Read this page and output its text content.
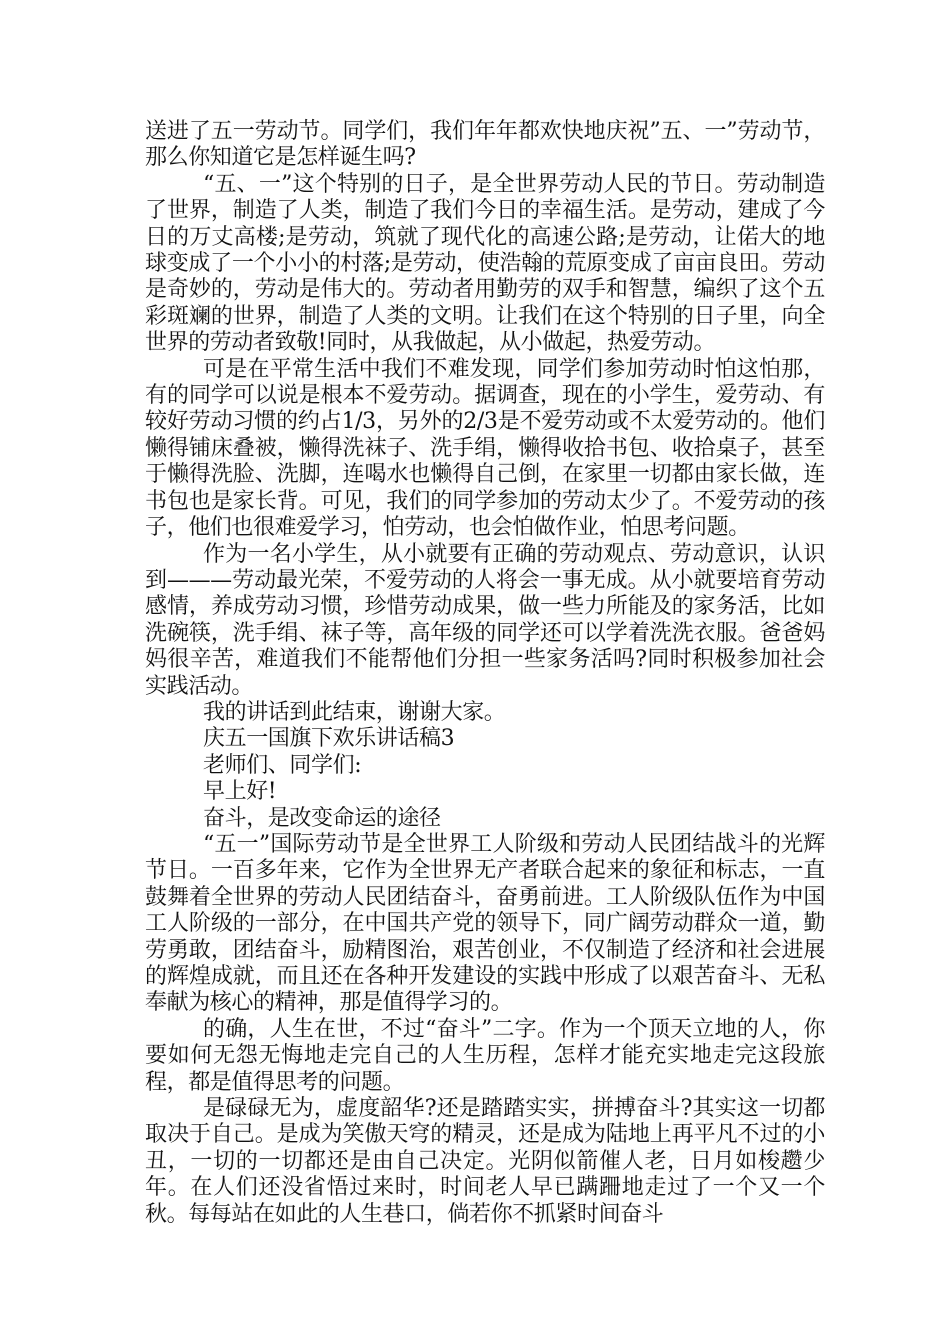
送进了五一劳动节。同学们，我们年年都欢快地庆祝”五、一”劳动节，那么你知道它是怎样诞生吗?

“五、一”这个特别的日子，是全世界劳动人民的节日。劳动制造了世界，制造了人类，制造了我们今日的幸福生活。是劳动，建成了今日的万丈高楼;是劳动，筑就了现代化的高速公路;是劳动，让偌大的地球变成了一个小小的村落;是劳动，使浩翰的荒原变成了亩亩良田。劳动是奇妙的，劳动是伟大的。劳动者用勤劳的双手和智慧，编织了这个五彩斑斓的世界，制造了人类的文明。让我们在这个特别的日子里，向全世界的劳动者致敬!同时，从我做起，从小做起，热爱劳动。

可是在平常生活中我们不难发现，同学们参加劳动时怕这怕那，有的同学可以说是根本不爱劳动。据调查，现在的小学生，爱劳动、有较好劳动习惯的约占1/3，另外的2/3是不爱劳动或不太爱劳动的。他们懒得铺床叠被，懒得洗袜子、洗手绢，懒得收拾书包、收拾桌子，甚至于懒得洗脸、洗脚，连喝水也懒得自己倒，在家里一切都由家长做，连书包也是家长背。可见，我们的同学参加的劳动太少了。不爱劳动的孩子，他们也很难爱学习，怕劳动，也会怕做作业，怕思考问题。

作为一名小学生，从小就要有正确的劳动观点、劳动意识，认识到———劳动最光荣，不爱劳动的人将会一事无成。从小就要培育劳动感情，养成劳动习惯，珍惜劳动成果，做一些力所能及的家务活，比如洗碗筷，洗手绢、袜子等，高年级的同学还可以学着洗洗衣服。爸爸妈妈很辛苦，难道我们不能帮他们分担一些家务活吗?同时积极参加社会实践活动。

我的讲话到此结束，谢谢大家。

庆五一国旗下欢乐讲话稿3

老师们、同学们:

早上好!

奋斗，是改变命运的途径

“五一”国际劳动节是全世界工人阶级和劳动人民团结战斗的光辉节日。一百多年来，它作为全世界无产者联合起来的象征和标志，一直鼓舞着全世界的劳动人民团结奋斗，奋勇前进。工人阶级队伍作为中国工人阶级的一部分，在中国共产党的领导下，同广阔劳动群众一道，勤劳勇敢，团结奋斗，励精图治，艰苦创业，不仅制造了经济和社会进展的辉煌成就，而且还在各种开发建设的实践中形成了以艰苦奋斗、无私奉献为核心的精神，那是值得学习的。

的确，人生在世，不过“奋斗”二字。作为一个顶天立地的人，你要如何无怨无悔地走完自己的人生历程，怎样才能充实地走完这段旅程，都是值得思考的问题。

是碌碌无为，虚度韶华?还是踏踏实实，拼搏奋斗?其实这一切都取决于自己。是成为笑傲天穹的精灵，还是成为陆地上再平凡不过的小丑，一切的一切都还是由自己决定。光阴似箭催人老，日月如梭趱少年。在人们还没省悟过来时，时间老人早已蹒跚地走过了一个又一个秋。每每站在如此的人生巷口，倘若你不抓紧时间奋斗
